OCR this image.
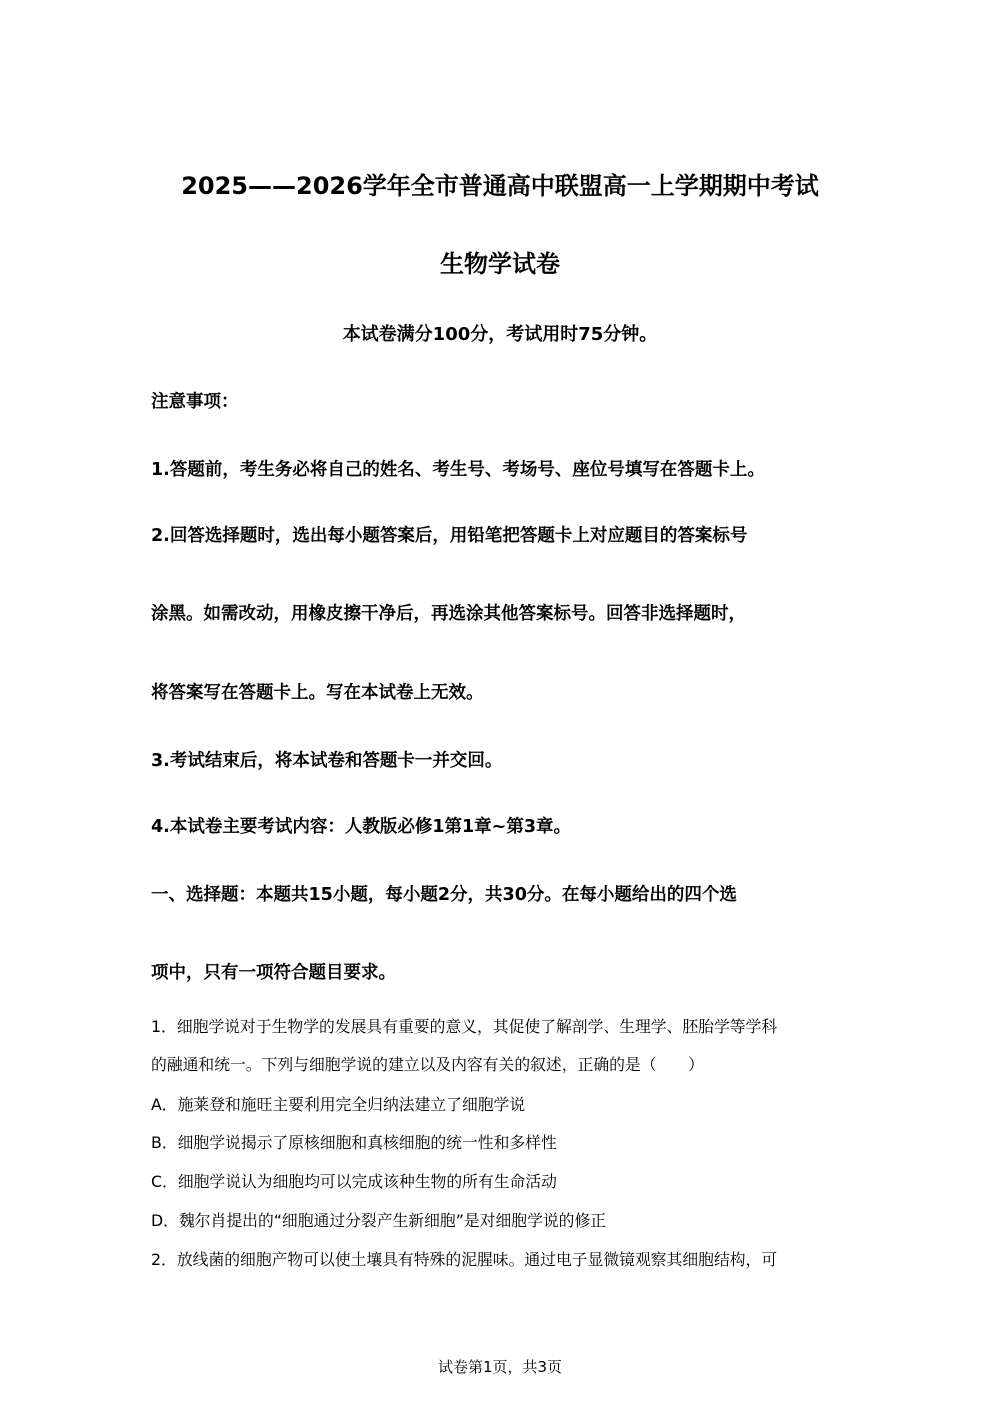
2025——2026学年全市普通高中联盟高一上学期期中考试
生物学试卷
本试卷满分100分，考试用时75分钟。
注意事项：
1.答题前，考生务必将自己的姓名、考生号、考场号、座位号填写在答题卡上。
2.回答选择题时，选出每小题答案后，用铅笔把答题卡上对应题目的答案标号
涂黑。如需改动，用橡皮擦干净后，再选涂其他答案标号。回答非选择题时，
将答案写在答题卡上。写在本试卷上无效。
3.考试结束后，将本试卷和答题卡一并交回。
4.本试卷主要考试内容：人教版必修1第1章~第3章。
一、选择题：本题共15小题，每小题2分，共30分。在每小题给出的四个选
项中，只有一项符合题目要求。
1．细胞学说对于生物学的发展具有重要的意义，其促使了解剖学、生理学、胚胎学等学科
的融通和统一。下列与细胞学说的建立以及内容有关的叙述，正确的是（　　）
A．施莱登和施旺主要利用完全归纳法建立了细胞学说
B．细胞学说揭示了原核细胞和真核细胞的统一性和多样性
C．细胞学说认为细胞均可以完成该种生物的所有生命活动
D．魏尔肖提出的“细胞通过分裂产生新细胞”是对细胞学说的修正
2．放线菌的细胞产物可以使土壤具有特殊的泥腥味。通过电子显微镜观察其细胞结构，可
试卷第1页，共3页
